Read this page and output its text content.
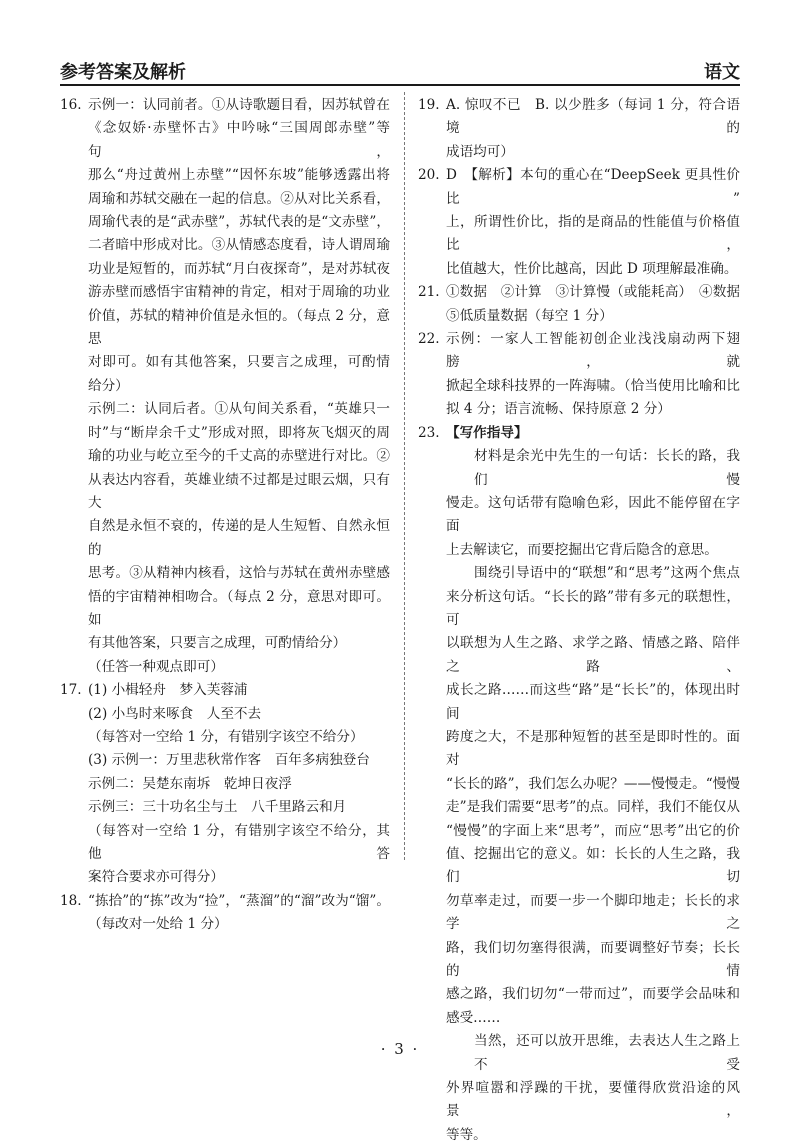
参考答案及解析	语文
16. 示例一：认同前者。①从诗歌题目看，因苏轼曾在
《念奴娇·赤壁怀古》中吟咏“三国周郎赤壁”等句，
那么“舟过黄州上赤壁”“因怀东坡”能够透露出将
周瑜和苏轼交融在一起的信息。②从对比关系看，
周瑜代表的是“武赤壁”，苏轼代表的是“文赤壁”，
二者暗中形成对比。③从情感态度看，诗人谓周瑜
功业是短暂的，而苏轼“月白夜探奇”，是对苏轼夜
游赤壁而感悟宇宙精神的肯定，相对于周瑜的功业
价值，苏轼的精神价值是永恒的。（每点 2 分，意思
对即可。如有其他答案，只要言之成理，可酌情
给分）
示例二：认同后者。①从句间关系看，“英雄只一
时”与“断岸余千丈”形成对照，即将灰飞烟灭的周
瑜的功业与屹立至今的千丈高的赤壁进行对比。②
从表达内容看，英雄业绩不过都是过眼云烟，只有大
自然是永恒不衰的，传递的是人生短暂、自然永恒的
思考。③从精神内核看，这恰与苏轼在黄州赤壁感
悟的宇宙精神相吻合。（每点 2 分，意思对即可。如
有其他答案，只要言之成理，可酌情给分）
（任答一种观点即可）
17. (1) 小楫轻舟　梦入芙蓉浦
(2) 小鸟时来啄食　人至不去
（每答对一空给 1 分，有错别字该空不给分）
(3) 示例一：万里悲秋常作客　百年多病独登台
示例二：吴楚东南坼　乾坤日夜浮
示例三：三十功名尘与土　八千里路云和月
（每答对一空给 1 分，有错别字该空不给分，其他答
案符合要求亦可得分）
18. “拣拾”的“拣”改为“捡”，“蒸溜”的“溜”改为“馏”。
（每改对一处给 1 分）
19. A. 惊叹不已　B. 以少胜多（每词 1 分，符合语境的
成语均可）
20. D　【解析】本句的重心在“DeepSeek 更具性价比”
上，所谓性价比，指的是商品的性能值与价格值比，
比值越大，性价比越高，因此 D 项理解最准确。
21. ①数据　②计算　③计算慢（或能耗高）　④数据
⑤低质量数据（每空 1 分）
22. 示例：一家人工智能初创企业浅浅扇动两下翅膀，就
掀起全球科技界的一阵海啸。（恰当使用比喻和比
拟 4 分；语言流畅、保持原意 2 分）
23. 【写作指导】
材料是余光中先生的一句话：长长的路，我们慢
慢走。这句话带有隐喻色彩，因此不能停留在字面
上去解读它，而要挖掘出它背后隐含的意思。
围绕引导语中的“联想”和“思考”这两个焦点
来分析这句话。“长长的路”带有多元的联想性，可
以联想为人生之路、求学之路、情感之路、陪伴之路、
成长之路……而这些“路”是“长长”的，体现出时间
跨度之大，不是那种短暂的甚至是即时性的。面对
“长长的路”，我们怎么办呢？——慢慢走。“慢慢
走”是我们需要“思考”的点。同样，我们不能仅从
“慢慢”的字面上来“思考”，而应“思考”出它的价
值、挖掘出它的意义。如：长长的人生之路，我们切
勿草率走过，而要一步一个脚印地走；长长的求学之
路，我们切勿塞得很满，而要调整好节奏；长长的情
感之路，我们切勿“一带而过”，而要学会品味和
感受……
当然，还可以放开思维，去表达人生之路上不受
外界喧嚣和浮躁的干扰，要懂得欣赏沿途的风景，
等等。
· 3 ·
